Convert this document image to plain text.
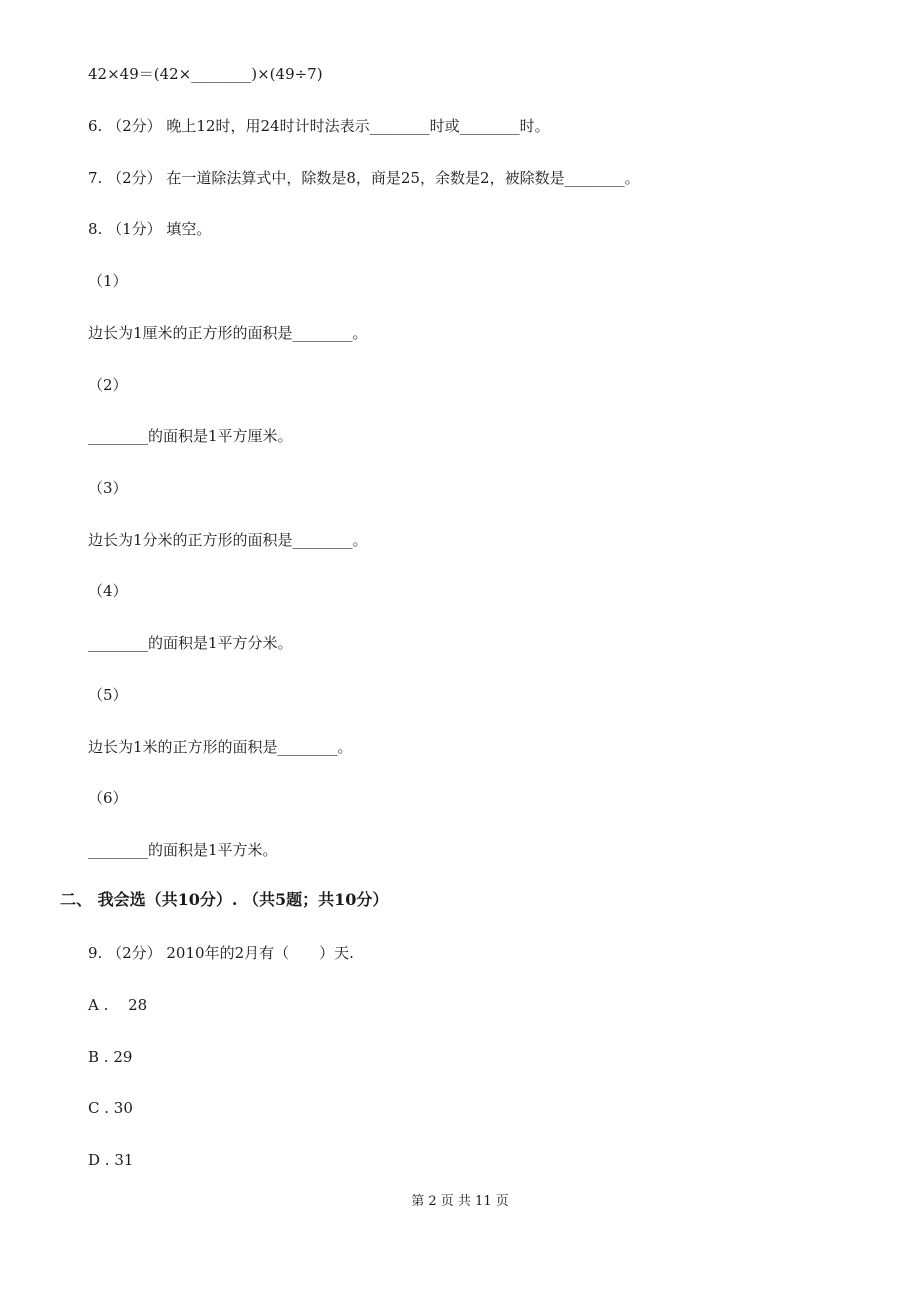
42×49＝(42×________)×(49÷7)
6. （2分） 晚上12时，用24时计时法表示________时或________时。
7. （2分） 在一道除法算式中，除数是8，商是25，余数是2，被除数是________。
8. （1分） 填空。
（1）
边长为1厘米的正方形的面积是________。
（2）
________的面积是1平方厘米。
（3）
边长为1分米的正方形的面积是________。
（4）
________的面积是1平方分米。
（5）
边长为1米的正方形的面积是________。
（6）
________的面积是1平方米。
二、 我会选（共10分）. （共5题；共10分）
9. （2分） 2010年的2月有（　　）天.
A .　 28
B . 29
C . 30
D . 31
第 2 页 共 11 页
